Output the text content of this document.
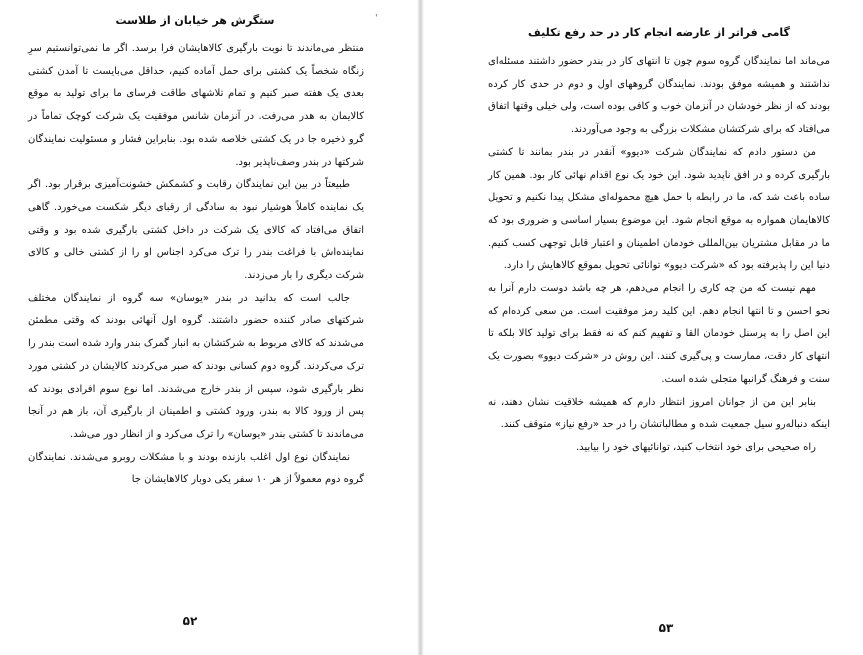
ستگرش هر خیابان از طلاست	ˈ

منتظر می‌ماندند تا نوبت بارگیری کالاهایشان فرا برسد. اگر ما نمی‌توانستیم سرِ زنگاه شخصاً یک کشتی برای حمل آماده کنیم، حداقل می‌بایست تا آمدن کشتی بعدی یک هفته صبر کنیم و تمام تلاشهای طاقت فرسای ما برای تولید به موقع کالایمان به هدر می‌رفت. در آنزمان شانس موفقیت یک شرکت کوچک تماماً در گرو ذخیره جا در یک کشتی خلاصه شده بود. بنابراین فشار و مسئولیت نمایندگان شرکتها در بندر وصف‌ناپذیر بود.

طبیعتاً در بین این نمایندگان رقابت و کشمکش خشونت‌آمیزی برقرار بود. اگر یک نماینده کاملاً هوشیار نبود به سادگی از رقبای دیگر شکست می‌خورد. گاهی اتفاق می‌افتاد که کالای یک شرکت در داخل کشتی بارگیری شده بود و وقتی نماینده‌اش با فراغت بندر را ترک می‌کرد اجناس او را از کشتی خالی و کالای شرکت دیگری را بار می‌زدند.

جالب است که بدانید در بندر «یوسان» سه گروه از نمایندگان مختلف شرکتهای صادر کننده حضور داشتند. گروه اول آنهائی بودند که وقتی مطمئن می‌شدند که کالای مربوط به شرکتشان به انبار گمرک بندر وارد شده است بندر را ترک می‌کردند. گروه دوم کسانی بودند که صبر می‌کردند کالایشان در کشتی مورد نظر بارگیری شود، سپس از بندر خارج می‌شدند. اما نوع سوم افرادی بودند که پس از ورود کالا به بندر، ورود کشتی و اطمینان از بارگیری آن، باز هم در آنجا می‌ماندند تا کشتی بندر «یوسان» را ترک می‌کرد و از انظار دور می‌شد.

نمایندگان نوع اول اغلب بازنده بودند و با مشکلات روبرو می‌شدند. نمایندگان گروه دوم معمولاً از هر ۱۰ سفر یکی دوبار کالاهایشان جا

۵۲
گامی فراتر از عارضه انجام کار در حد رفع تکلیف

می‌ماند اما نمایندگان گروه سوم چون تا انتهای کار در بندر حضور داشتند مسئله‌ای نداشتند و همیشه موفق بودند. نمایندگان گروههای اول و دوم در حدی کار کرده بودند که از نظر خودشان در آنزمان خوب و کافی بوده است، ولی خیلی وقتها اتفاق می‌افتاد که برای شرکتشان مشکلات بزرگی به وجود می‌آوردند.

من دستور دادم که نمایندگان شرکت «دیوو» آنقدر در بندر بمانند تا کشتی بارگیری کرده و در افق ناپدید شود. این خود یک نوع اقدام نهائی کار بود. همین کار ساده باعث شد که، ما در رابطه با حمل هیچ محموله‌ای مشکل پیدا نکنیم و تحویل کالاهایمان همواره به موقع انجام شود. این موضوع بسیار اساسی و ضروری بود که ما در مقابل مشتریان بین‌المللی خودمان اطمینان و اعتبار قابل توجهی کسب کنیم. دنیا این را پذیرفته بود که «شرکت دیوو» توانائی تحویل بموقع کالاهایش را دارد.

مهم نیست که من چه کاری را انجام می‌دهم، هر چه باشد دوست دارم آنرا به نحو احسن و تا انتها انجام دهم. این کلید رمز موفقیت است. من سعی کرده‌ام که این اصل را به پرسنل خودمان القا و تفهیم کنم که نه فقط برای تولید کالا بلکه تا انتهای کار دقت، ممارست و پی‌گیری کنند. این روش در «شرکت دیوو» بصورت یک سنت و فرهنگ گرانبها متجلی شده است.

بنابر این من از جوانان امروز انتظار دارم که همیشه خلاقیت نشان دهند، نه اینکه دنباله‌رو سیل جمعیت شده و مطالباتشان را در حد «رفع نیاز» متوقف کنند.

راه صحیحی برای خود انتخاب کنید، توانائیهای خود را بیابید.

۵۳
